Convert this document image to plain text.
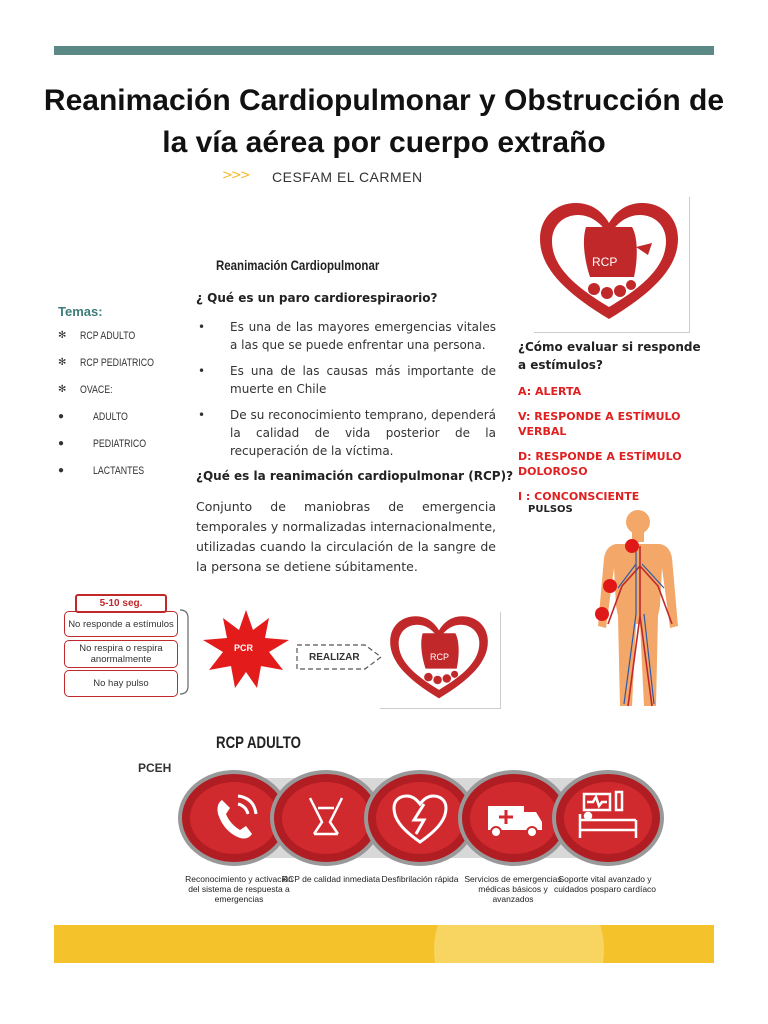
Reanimación Cardiopulmonar y Obstrucción de la vía aérea por cuerpo extraño
>>> CESFAM EL CARMEN
RCP
Reanimación Cardiopulmonar
Temas:
✻ RCP ADULTO
✻ RCP PEDIATRICO
✻ OVACE:
●	ADULTO
●	PEDIATRICO
●	LACTANTES
¿ Qué es un paro cardiorespiraorio?
• Es una de las mayores emergencias vitales a las que se puede enfrentar una persona.
• Es una de las causas más importante de muerte en Chile
• De su reconocimiento temprano, dependerá la calidad de vida posterior de la recuperación de la víctima.
¿Qué es la reanimación cardiopulmonar (RCP)?
Conjunto de maniobras de emergencia temporales y normalizadas internacionalmente, utilizadas cuando la circulación de la sangre de la persona se detiene súbitamente.
¿Cómo evaluar si responde a estímulos?
A: ALERTA
V: RESPONDE A ESTÍMULO VERBAL
D: RESPONDE A ESTÍMULO DOLOROSO
I : CONCONSCIENTE
PULSOS
5-10 seg.
No responde a estímulos
No respira o respira anormalmente
No hay pulso
PCR
REALIZAR	RCP
RCP ADULTO
PCEH
Reconocimiento y activación del sistema de respuesta a emergencias
RCP de calidad inmediata Desfibrilación rápida Servicios de emergencias médicas básicos y avanzados
Soporte vital avanzado y cuidados posparo cardíaco
